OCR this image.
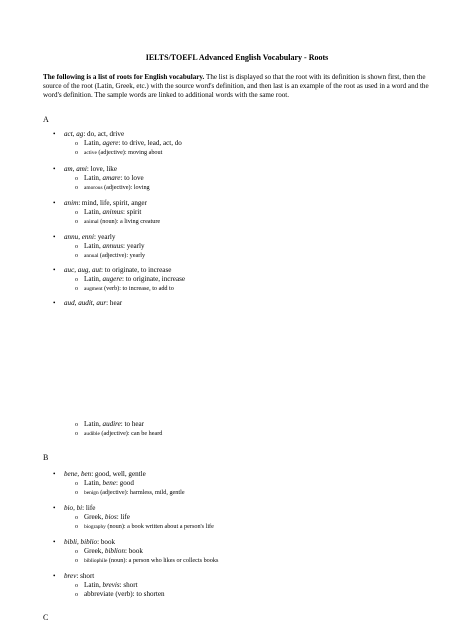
IELTS/TOEFL Advanced English Vocabulary - Roots
The following is a list of roots for English vocabulary. The list is displayed so that the root with its definition is shown first, then the source of the root (Latin, Greek, etc.) with the source word's definition, and then last is an example of the root as used in a word and the word's definition. The sample words are linked to additional words with the same root.
A
• act, ag: do, act, drive
o Latin, agere: to drive, lead, act, do
o active (adjective): moving about
• am, ami: love, like
o Latin, amare: to love
o amorous (adjective): loving
• anim: mind, life, spirit, anger
o Latin, animus: spirit
o animal (noun): a living creature
• annu, enni: yearly
o Latin, annuus: yearly
o annual (adjective): yearly
• auc, aug, aut: to originate, to increase
o Latin, augere: to originate, increase
o augment (verb): to increase, to add to
• aud, audit, aur: hear
o Latin, audire: to hear
o audible (adjective): can be heard
B
• bene, ben: good, well, gentle
o Latin, bene: good
o benign (adjective): harmless, mild, gentle
• bio, bi: life
o Greek, bios: life
o biography (noun): a book written about a person's life
• bibli, biblio: book
o Greek, biblion: book
o bibliophile (noun): a person who likes or collects books
• brev: short
o Latin, brevis: short
o abbreviate (verb): to shorten
C
